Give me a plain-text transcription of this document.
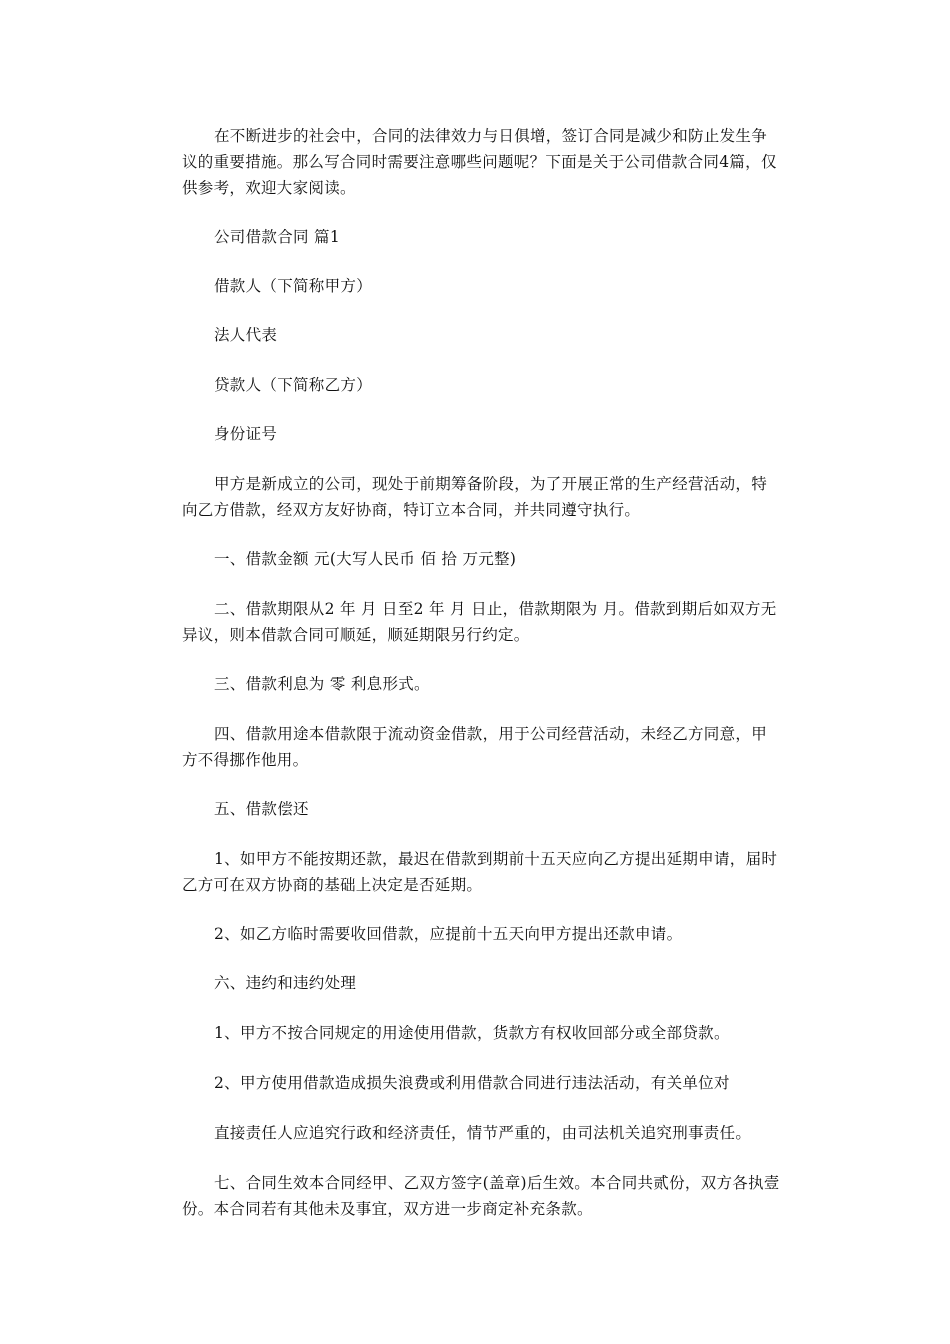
在不断进步的社会中，合同的法律效力与日俱增，签订合同是减少和防止发生争议的重要措施。那么写合同时需要注意哪些问题呢？下面是关于公司借款合同4篇，仅供参考，欢迎大家阅读。

公司借款合同 篇1

借款人（下简称甲方）

法人代表

贷款人（下简称乙方）

身份证号

甲方是新成立的公司，现处于前期筹备阶段，为了开展正常的生产经营活动，特向乙方借款，经双方友好协商，特订立本合同，并共同遵守执行。

一、借款金额 元(大写人民币 佰 拾 万元整)

二、借款期限从2 年 月 日至2 年 月 日止，借款期限为 月。借款到期后如双方无异议，则本借款合同可顺延，顺延期限另行约定。

三、借款利息为 零 利息形式。

四、借款用途本借款限于流动资金借款，用于公司经营活动，未经乙方同意，甲方不得挪作他用。

五、借款偿还

1、如甲方不能按期还款，最迟在借款到期前十五天应向乙方提出延期申请，届时乙方可在双方协商的基础上决定是否延期。

2、如乙方临时需要收回借款，应提前十五天向甲方提出还款申请。

六、违约和违约处理

1、甲方不按合同规定的用途使用借款，货款方有权收回部分或全部贷款。

2、甲方使用借款造成损失浪费或利用借款合同进行违法活动，有关单位对

直接责任人应追究行政和经济责任，情节严重的，由司法机关追究刑事责任。

七、合同生效本合同经甲、乙双方签字(盖章)后生效。本合同共贰份，双方各执壹份。本合同若有其他未及事宜，双方进一步商定补充条款。
